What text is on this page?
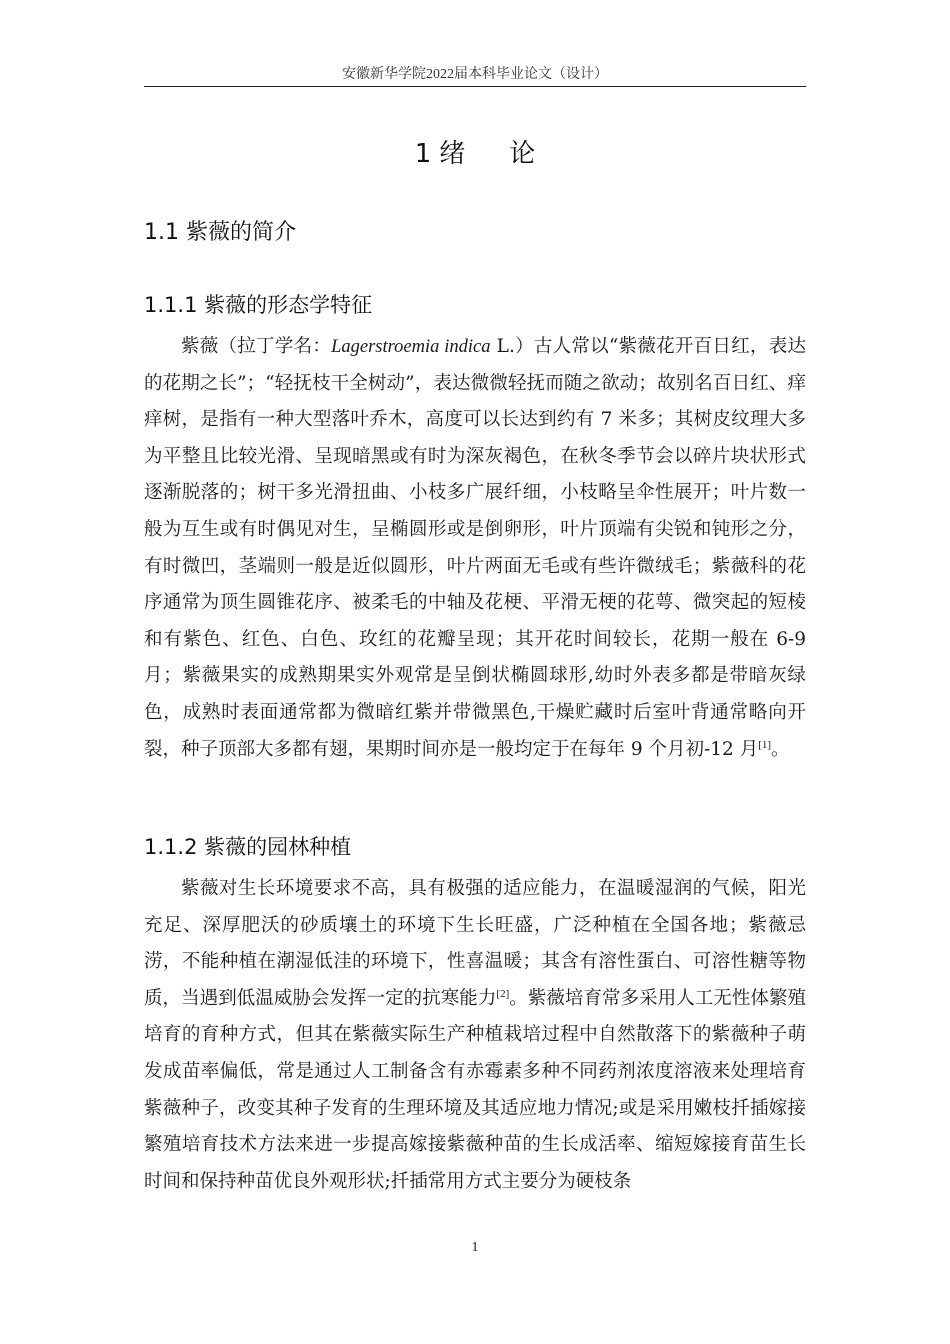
安徽新华学院2022届本科毕业论文（设计）
1 绪 论
1.1 紫薇的简介
1.1.1 紫薇的形态学特征

紫薇（拉丁学名：Lagerstroemia indica L.）古人常以“紫薇花开百日红，表达的花期之长”；“轻抚枝干全树动”，表达微微轻抚而随之欲动；故别名百日红、痒痒树，是指有一种大型落叶乔木，高度可以长达到约有 7 米多；其树皮纹理大多为平整且比较光滑、呈现暗黑或有时为深灰褐色，在秋冬季节会以碎片块状形式逐渐脱落的；树干多光滑扭曲、小枝多广展纤细，小枝略呈伞性展开；叶片数一般为互生或有时偶见对生，呈椭圆形或是倒卵形，叶片顶端有尖锐和钝形之分，有时微凹，茎端则一般是近似圆形，叶片两面无毛或有些许微绒毛；紫薇科的花序通常为顶生圆锥花序、被柔毛的中轴及花梗、平滑无梗的花萼、微突起的短棱和有紫色、红色、白色、玫红的花瓣呈现；其开花时间较长，花期一般在 6-9 月；紫薇果实的成熟期果实外观常是呈倒状椭圆球形,幼时外表多都是带暗灰绿色，成熟时表面通常都为微暗红紫并带微黑色,干燥贮藏时后室叶背通常略向开裂，种子顶部大多都有翅，果期时间亦是一般均定于在每年 9 个月初-12 月[1]。

1.1.2 紫薇的园林种植

紫薇对生长环境要求不高，具有极强的适应能力，在温暖湿润的气候，阳光充足、深厚肥沃的砂质壤土的环境下生长旺盛，广泛种植在全国各地；紫薇忌涝，不能种植在潮湿低洼的环境下，性喜温暖；其含有溶性蛋白、可溶性糖等物质，当遇到低温威胁会发挥一定的抗寒能力[2]。紫薇培育常多采用人工无性体繁殖培育的育种方式，但其在紫薇实际生产种植栽培过程中自然散落下的紫薇种子萌发成苗率偏低，常是通过人工制备含有赤霉素多种不同药剂浓度溶液来处理培育紫薇种子，改变其种子发育的生理环境及其适应地力情况;或是采用嫩枝扦插嫁接繁殖培育技术方法来进一步提高嫁接紫薇种苗的生长成活率、缩短嫁接育苗生长时间和保持种苗优良外观形状;扦插常用方式主要分为硬枝条

1
